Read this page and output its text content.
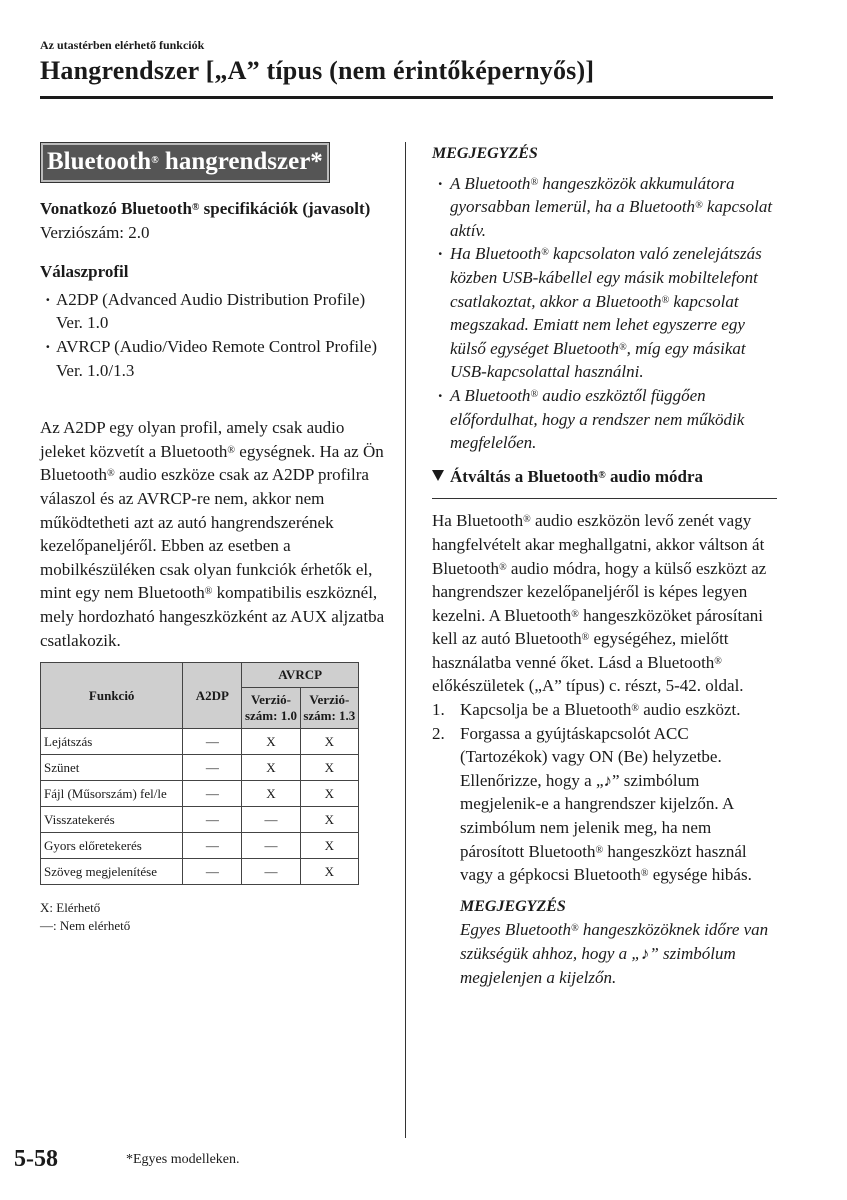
Az utastérben elérhető funkciók
Hangrendszer [„A” típus (nem érintőképernyős)]
Bluetooth® hangrendszer*
Vonatkozó Bluetooth® specifikációk (javasolt)
Verziószám: 2.0
Válaszprofil
· A2DP (Advanced Audio Distribution Profile) Ver. 1.0
· AVRCP (Audio/Video Remote Control Profile) Ver. 1.0/1.3
Az A2DP egy olyan profil, amely csak audio jeleket közvetít a Bluetooth® egységnek. Ha az Ön Bluetooth® audio eszköze csak az A2DP profilra válaszol és az AVRCP-re nem, akkor nem működtetheti azt az autó hangrendszerének kezelőpaneljéről. Ebben az esetben a mobilkészüléken csak olyan funkciók érhetők el, mint egy nem Bluetooth® kompatibilis eszköznél, mely hordozható hangeszközként az AUX aljzatba csatlakozik.
Funkció	A2DP	AVRCP	
		Verzió-szám: 1.0	Verzió-szám: 1.3
Lejátszás	—	X	X
Szünet	—	X	X
Fájl (Műsorszám) fel/le	—	X	X
Visszatekerés	—	—	X
Gyors előretekerés	—	—	X
Szöveg megjelenítése	—	—	X
X: Elérhető
—: Nem elérhető
MEGJEGYZÉS
· A Bluetooth® hangeszközök akkumulátora gyorsabban lemerül, ha a Bluetooth® kapcsolat aktív.
· Ha Bluetooth® kapcsolaton való zenelejátszás közben USB-kábellel egy másik mobiltelefont csatlakoztat, akkor a Bluetooth® kapcsolat megszakad. Emiatt nem lehet egyszerre egy külső egységet Bluetooth®, míg egy másikat USB-kapcsolattal használni.
· A Bluetooth® audio eszköztől függően előfordulhat, hogy a rendszer nem működik megfelelően.
Átváltás a Bluetooth® audio módra
Ha Bluetooth® audio eszközön levő zenét vagy hangfelvételt akar meghallgatni, akkor váltson át Bluetooth® audio módra, hogy a külső eszközt az hangrendszer kezelőpaneljéről is képes legyen kezelni. A Bluetooth® hangeszközöket párosítani kell az autó Bluetooth® egységéhez, mielőtt használatba venné őket. Lásd a Bluetooth® előkészületek („A” típus) c. részt, 5-42. oldal.
1. Kapcsolja be a Bluetooth® audio eszközt.
2. Forgassa a gyújtáskapcsolót ACC (Tartozékok) vagy ON (Be) helyzetbe. Ellenőrizze, hogy a „♪” szimbólum megjelenik-e a hangrendszer kijelzőn. A szimbólum nem jelenik meg, ha nem párosított Bluetooth® hangeszközt használ vagy a gépkocsi Bluetooth® egysége hibás.
MEGJEGYZÉS
Egyes Bluetooth® hangeszközöknek időre van szükségük ahhoz, hogy a „♪” szimbólum megjelenjen a kijelzőn.
5-58	*Egyes modelleken.
